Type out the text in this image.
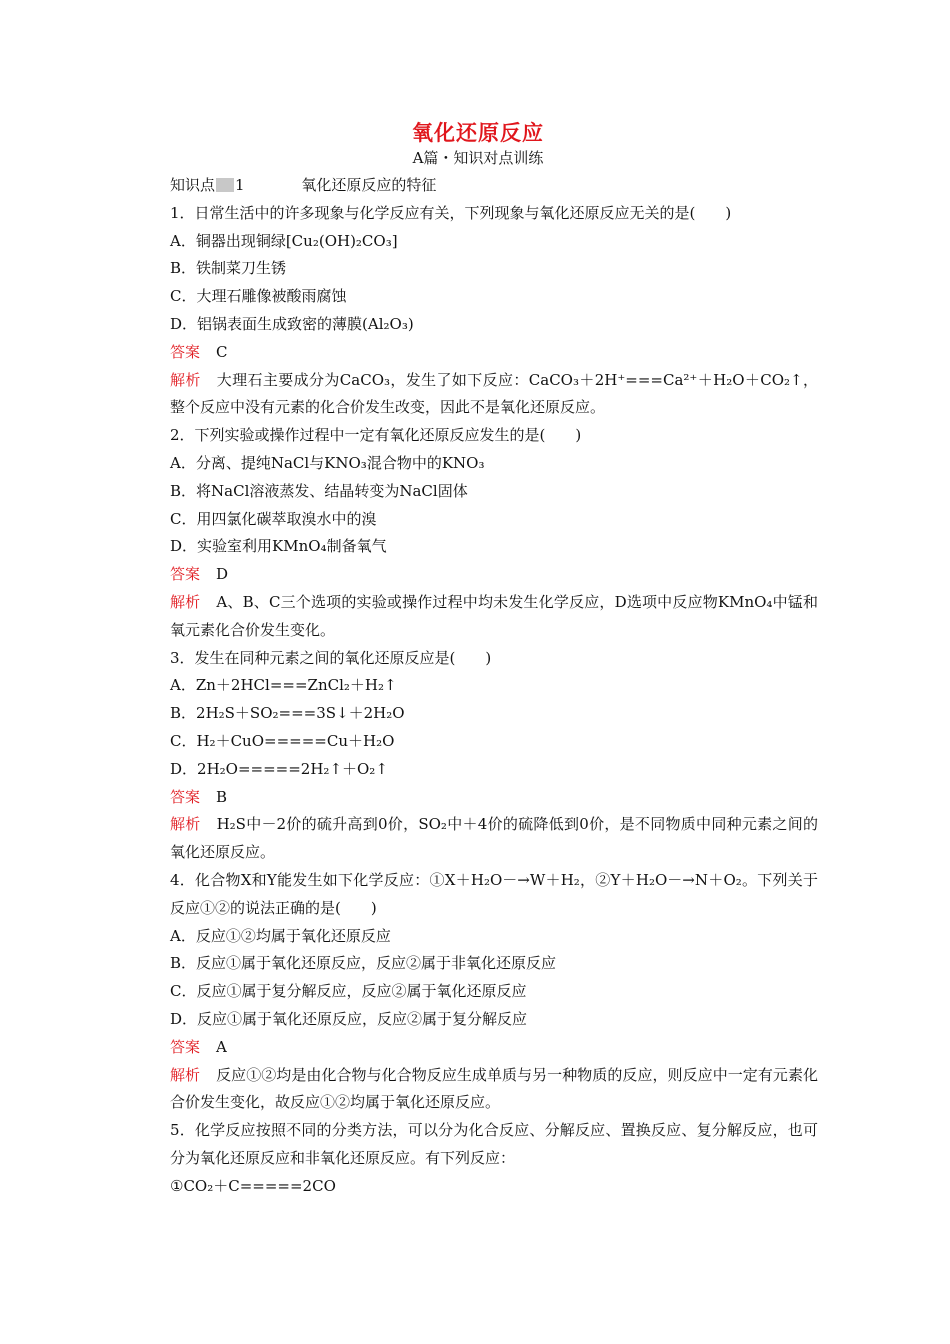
氧化还原反应

A篇・知识对点训练

知识点 1	氧化还原反应的特征
1．日常生活中的许多现象与化学反应有关，下列现象与氧化还原反应无关的是(　　)
A．铜器出现铜绿[Cu₂(OH)₂CO₃]
B．铁制菜刀生锈
C．大理石雕像被酸雨腐蚀
D．铝锅表面生成致密的薄膜(Al₂O₃)
答案 C
解析 大理石主要成分为CaCO₃，发生了如下反应：CaCO₃＋2H⁺===Ca²⁺＋H₂O＋CO₂↑，整个反应中没有元素的化合价发生改变，因此不是氧化还原反应。
2．下列实验或操作过程中一定有氧化还原反应发生的是(　　)
A．分离、提纯NaCl与KNO₃混合物中的KNO₃
B．将NaCl溶液蒸发、结晶转变为NaCl固体
C．用四氯化碳萃取溴水中的溴
D．实验室利用KMnO₄制备氧气
答案 D
解析 A、B、C三个选项的实验或操作过程中均未发生化学反应，D选项中反应物KMnO₄中锰和氧元素化合价发生变化。
3．发生在同种元素之间的氧化还原反应是(　　)
A．Zn＋2HCl===ZnCl₂＋H₂↑
B．2H₂S＋SO₂===3S↓＋2H₂O
C．H₂＋CuO=====Cu＋H₂O
D．2H₂O=====2H₂↑＋O₂↑
答案 B
解析 H₂S中－2价的硫升高到0价，SO₂中＋4价的硫降低到0价，是不同物质中同种元素之间的氧化还原反应。
4．化合物X和Y能发生如下化学反应：①X＋H₂O－→W＋H₂，②Y＋H₂O－→N＋O₂。下列关于反应①②的说法正确的是(　　)
A．反应①②均属于氧化还原反应
B．反应①属于氧化还原反应，反应②属于非氧化还原反应
C．反应①属于复分解反应，反应②属于氧化还原反应
D．反应①属于氧化还原反应，反应②属于复分解反应
答案 A
解析 反应①②均是由化合物与化合物反应生成单质与另一种物质的反应，则反应中一定有元素化合价发生变化，故反应①②均属于氧化还原反应。
5．化学反应按照不同的分类方法，可以分为化合反应、分解反应、置换反应、复分解反应，也可分为氧化还原反应和非氧化还原反应。有下列反应：
①CO₂＋C=====2CO
